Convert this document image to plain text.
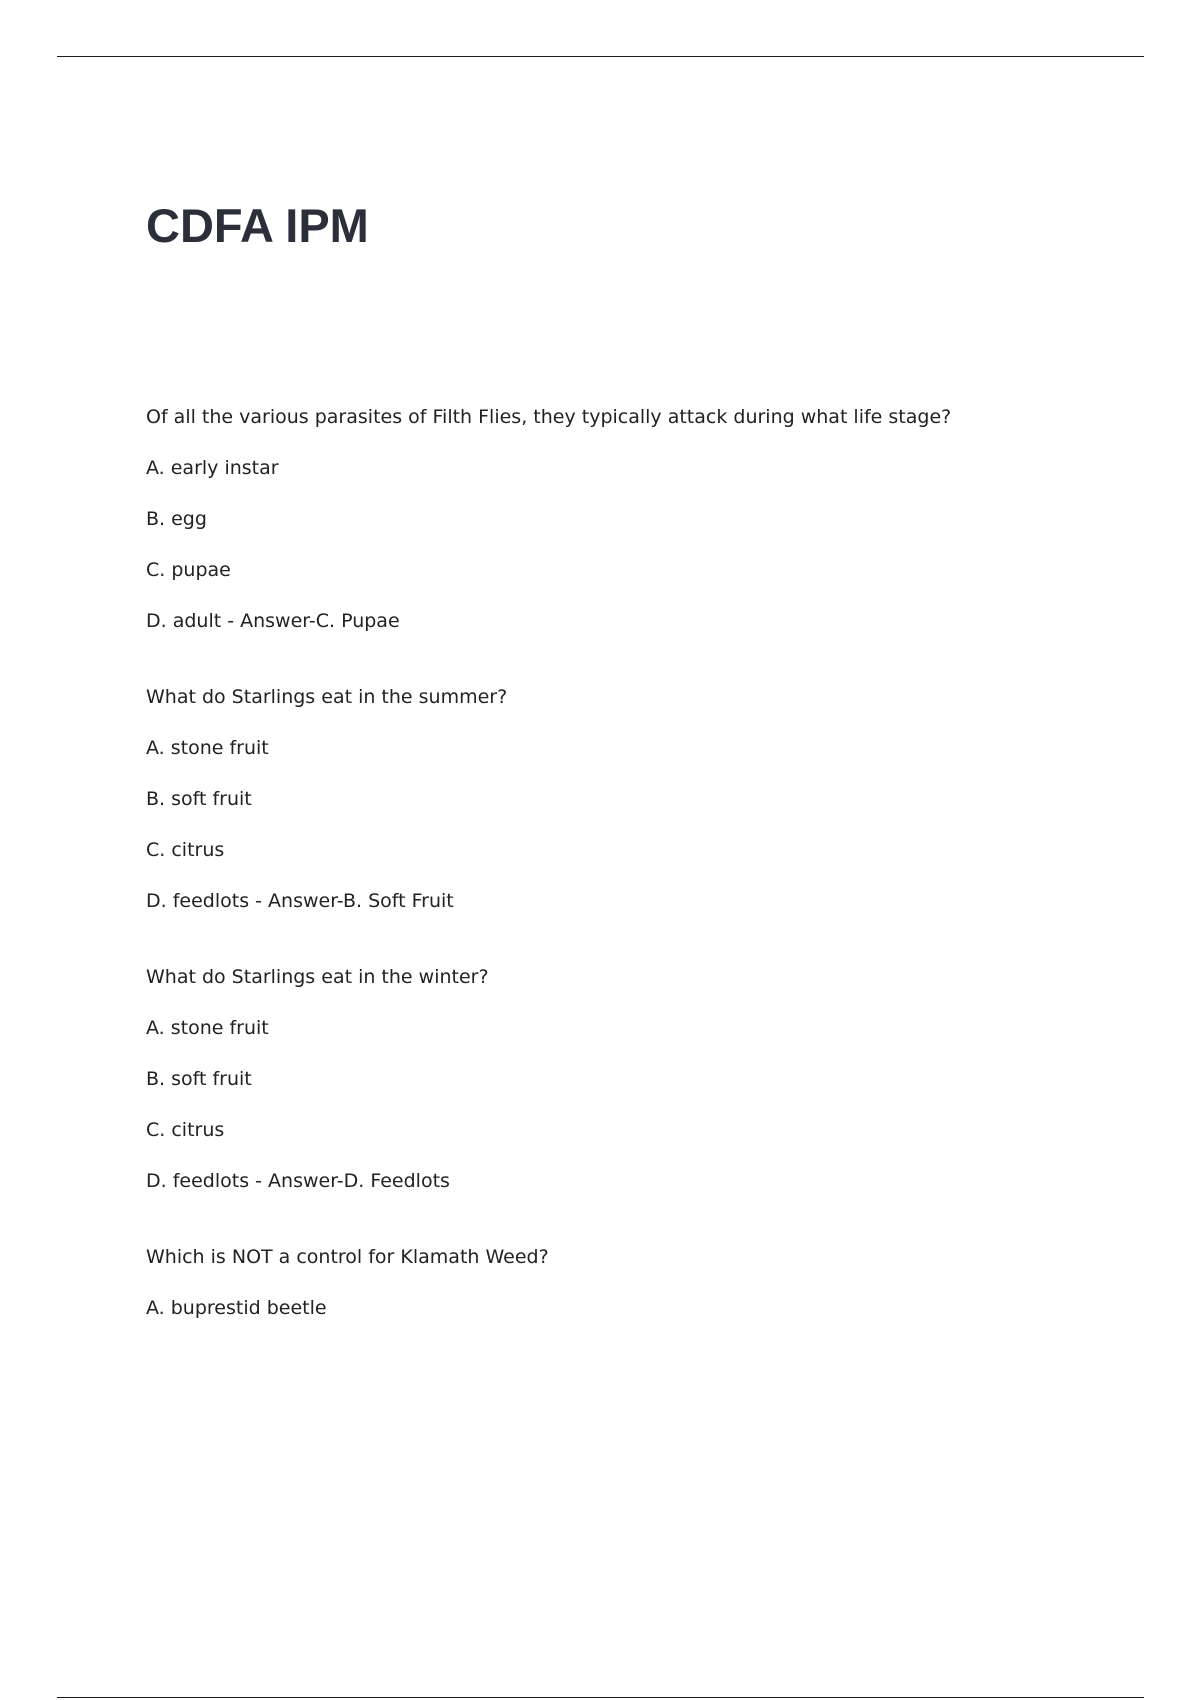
CDFA IPM
Of all the various parasites of Filth Flies, they typically attack during what life stage?
A. early instar
B. egg
C. pupae
D. adult - Answer-C. Pupae
What do Starlings eat in the summer?
A. stone fruit
B. soft fruit
C. citrus
D. feedlots - Answer-B. Soft Fruit
What do Starlings eat in the winter?
A. stone fruit
B. soft fruit
C. citrus
D. feedlots - Answer-D. Feedlots
Which is NOT a control for Klamath Weed?
A. buprestid beetle
